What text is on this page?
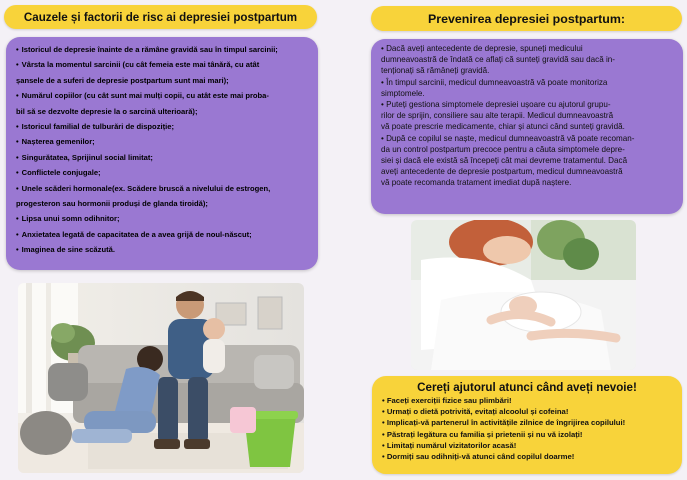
Cauzele și factorii de risc ai depresiei postpartum
• Istoricul de depresie înainte de a rămâne gravidă sau în timpul sarcinii;
• Vârsta la momentul sarcinii (cu cât femeia este mai tânără, cu atât
șansele de a suferi de depresie postpartum sunt mai mari);
• Numărul copiilor (cu cât sunt mai mulți copii, cu atât este mai proba-
bil să se dezvolte depresie la o sarcină ulterioară);
• Istoricul familial de tulburări de dispoziție;
• Nașterea gemenilor;
• Singurătatea, Sprijinul social limitat;
• Conflictele conjugale;
• Unele scăderi hormonale(ex. Scădere bruscă a nivelului de estrogen,
progesteron sau hormonii produși de glanda tiroidă);
• Lipsa unui somn odihnitor;
• Anxietatea legată de capacitatea de a avea grijă de noul-născut;
• Imaginea de sine scăzută.
Prevenirea depresiei postpartum:
• Dacă aveți antecedente de depresie, spuneți medicului
dumneavoastră de îndată ce aflați că sunteți gravidă sau dacă in-
tenționați să rămâneți gravidă.
• În timpul sarcinii, medicul dumneavoastră vă poate monitoriza
simptomele.
• Puteți gestiona simptomele depresiei ușoare cu ajutorul grupu-
rilor de sprijin, consiliere sau alte terapii. Medicul dumneavoastră
vă poate prescrie medicamente, chiar și atunci când sunteți gravidă.
• După ce copilul se naște, medicul dumneavoastră vă poate recoman-
da un control postpartum precoce pentru a căuta simptomele depre-
siei și dacă ele există să începeți cât mai devreme tratamentul. Dacă
aveți antecedente de depresie postpartum, medicul dumneavoastră
vă poate recomanda tratament imediat după naștere.
Cereți ajutorul atunci când aveți nevoie!
• Faceți exerciții fizice sau plimbări!
• Urmați o dietă potrivită, evitați alcoolul și cofeina!
• Implicați-vă partenerul în activitățile zilnice de îngrijirea copilului!
• Păstrați legătura cu familia și prietenii și nu vă izolați!
• Limitați numărul vizitatorilor acasă!
• Dormiți sau odihniți-vă atunci când copilul doarme!
